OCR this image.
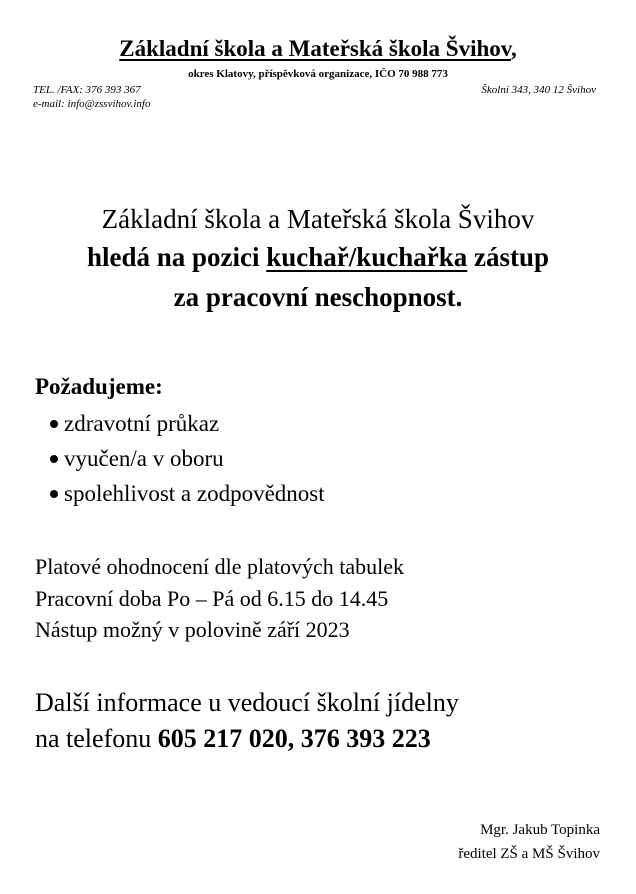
Základní škola a Mateřská škola Švihov,
okres Klatovy, příspěvková organizace, IČO 70 988 773
TEL. /FAX: 376 393 367	Školní 343, 340 12 Švihov
e-mail: info@zssvihov.info
Základní škola a Mateřská škola Švihov
hledá na pozici kuchař/kuchařka zástup
za pracovní neschopnost.
Požadujeme:
zdravotní průkaz
vyučen/a v oboru
spolehlivost a zodpovědnost
Platové ohodnocení dle platových tabulek
Pracovní doba Po – Pá od 6.15 do 14.45
Nástup možný v polovině září 2023
Další informace u vedoucí školní jídelny
na telefonu 605 217 020, 376 393 223
Mgr. Jakub Topinka
ředitel ZŠ a MŠ Švihov
